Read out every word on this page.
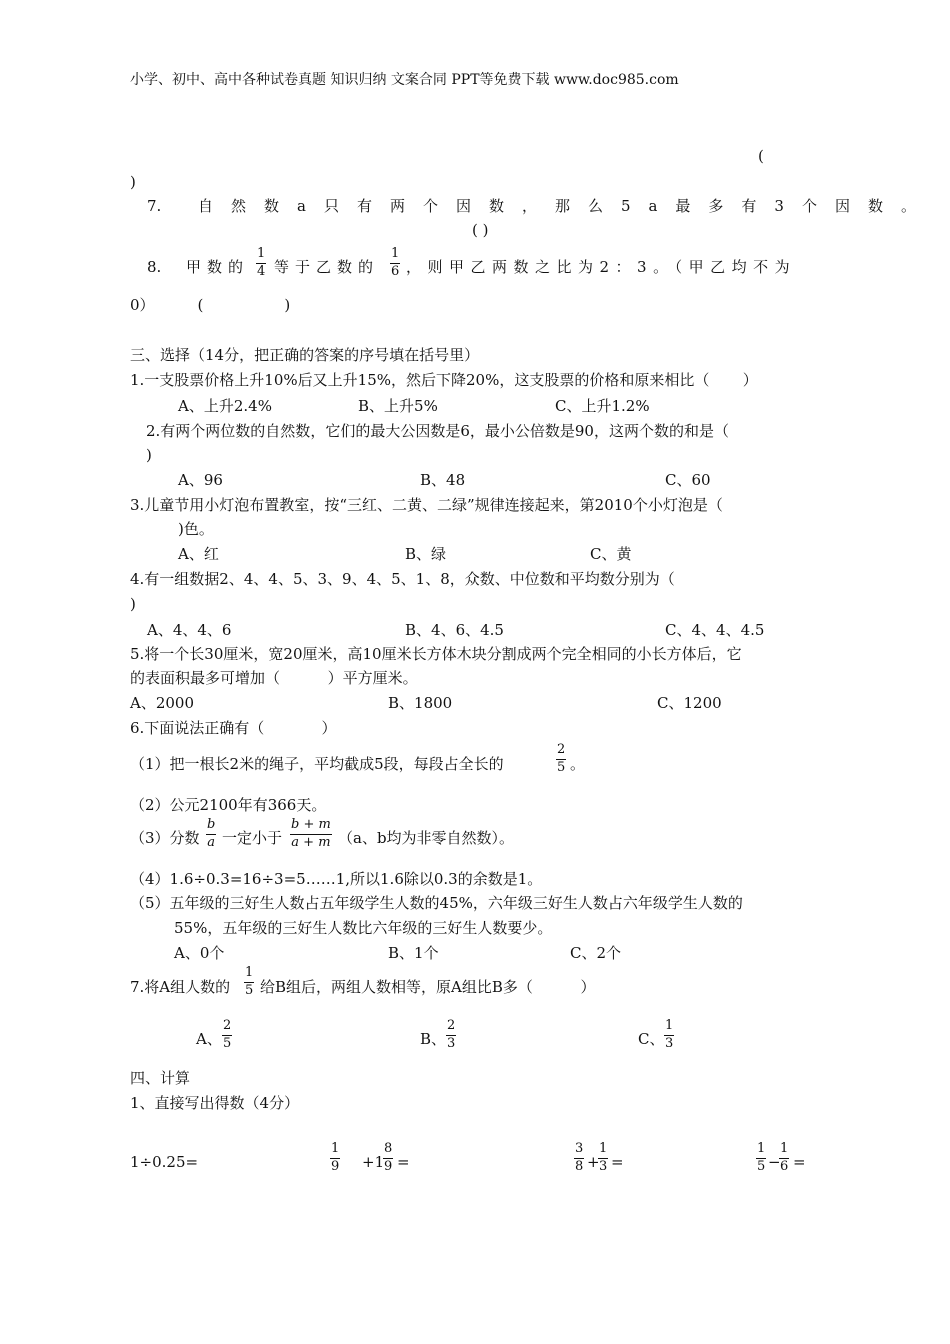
小学、初中、高中各种试卷真题 知识归纳 文案合同 PPT等免费下载 www.doc985.com
(
)
7. 自然数a只有两个因数，那么5a最多有3个因数。
( )
8. 甲数的
1
4 等于乙数的
1
6 ，则甲乙两数之比为2：3。（甲乙均不为
0）         (                 )
三、选择（14分，把正确的答案的序号填在括号里）
1.一支股票价格上升10%后又上升15%，然后下降20%，这支股票的价格和原来相比（       ）
A、上升2.4%	B、上升5%	C、上升1.2%
2.有两个两位数的自然数，它们的最大公因数是6，最小公倍数是90，这两个数的和是（
)
A、96	B、48	C、60
3.儿童节用小灯泡布置教室，按“三红、二黄、二绿”规律连接起来，第2010个小灯泡是（
)色。
A、红	B、绿	C、黄
4.有一组数据2、4、4、5、3、9、4、5、1、8，众数、中位数和平均数分别为（
)
A、4、4、6	B、4、6、4.5	C、4、4、4.5
5.将一个长30厘米，宽20厘米，高10厘米长方体木块分割成两个完全相同的小长方体后，它
的表面积最多可增加（          ）平方厘米。
A、2000	B、1800	C、1200
6.下面说法正确有（            ）
（1）把一根长2米的绳子，平均截成5段，每段占全长的
2
5 。
（2）公元2100年有366天。
（3）分数
b
a 一定小于
b + m
a + m （a、b均为非零自然数）。
（4）1.6÷0.3=16÷3=5……1,所以1.6除以0.3的余数是1。
（5）五年级的三好生人数占五年级学生人数的45%，六年级三好生人数占六年级学生人数的
55%，五年级的三好生人数比六年级的三好生人数要少。
A、0个	B、1个	C、2个
7.将A组人数的
1
5 给B组后，两组人数相等，原A组比B多（          ）
A、
2
5	B、
2
3	C、
1
3
四、计算
1、直接写出得数（4分）
1÷0.25=
1
9 +1
8
9 =
3
8 +
1
3 =
1
5 −
1
6 =
